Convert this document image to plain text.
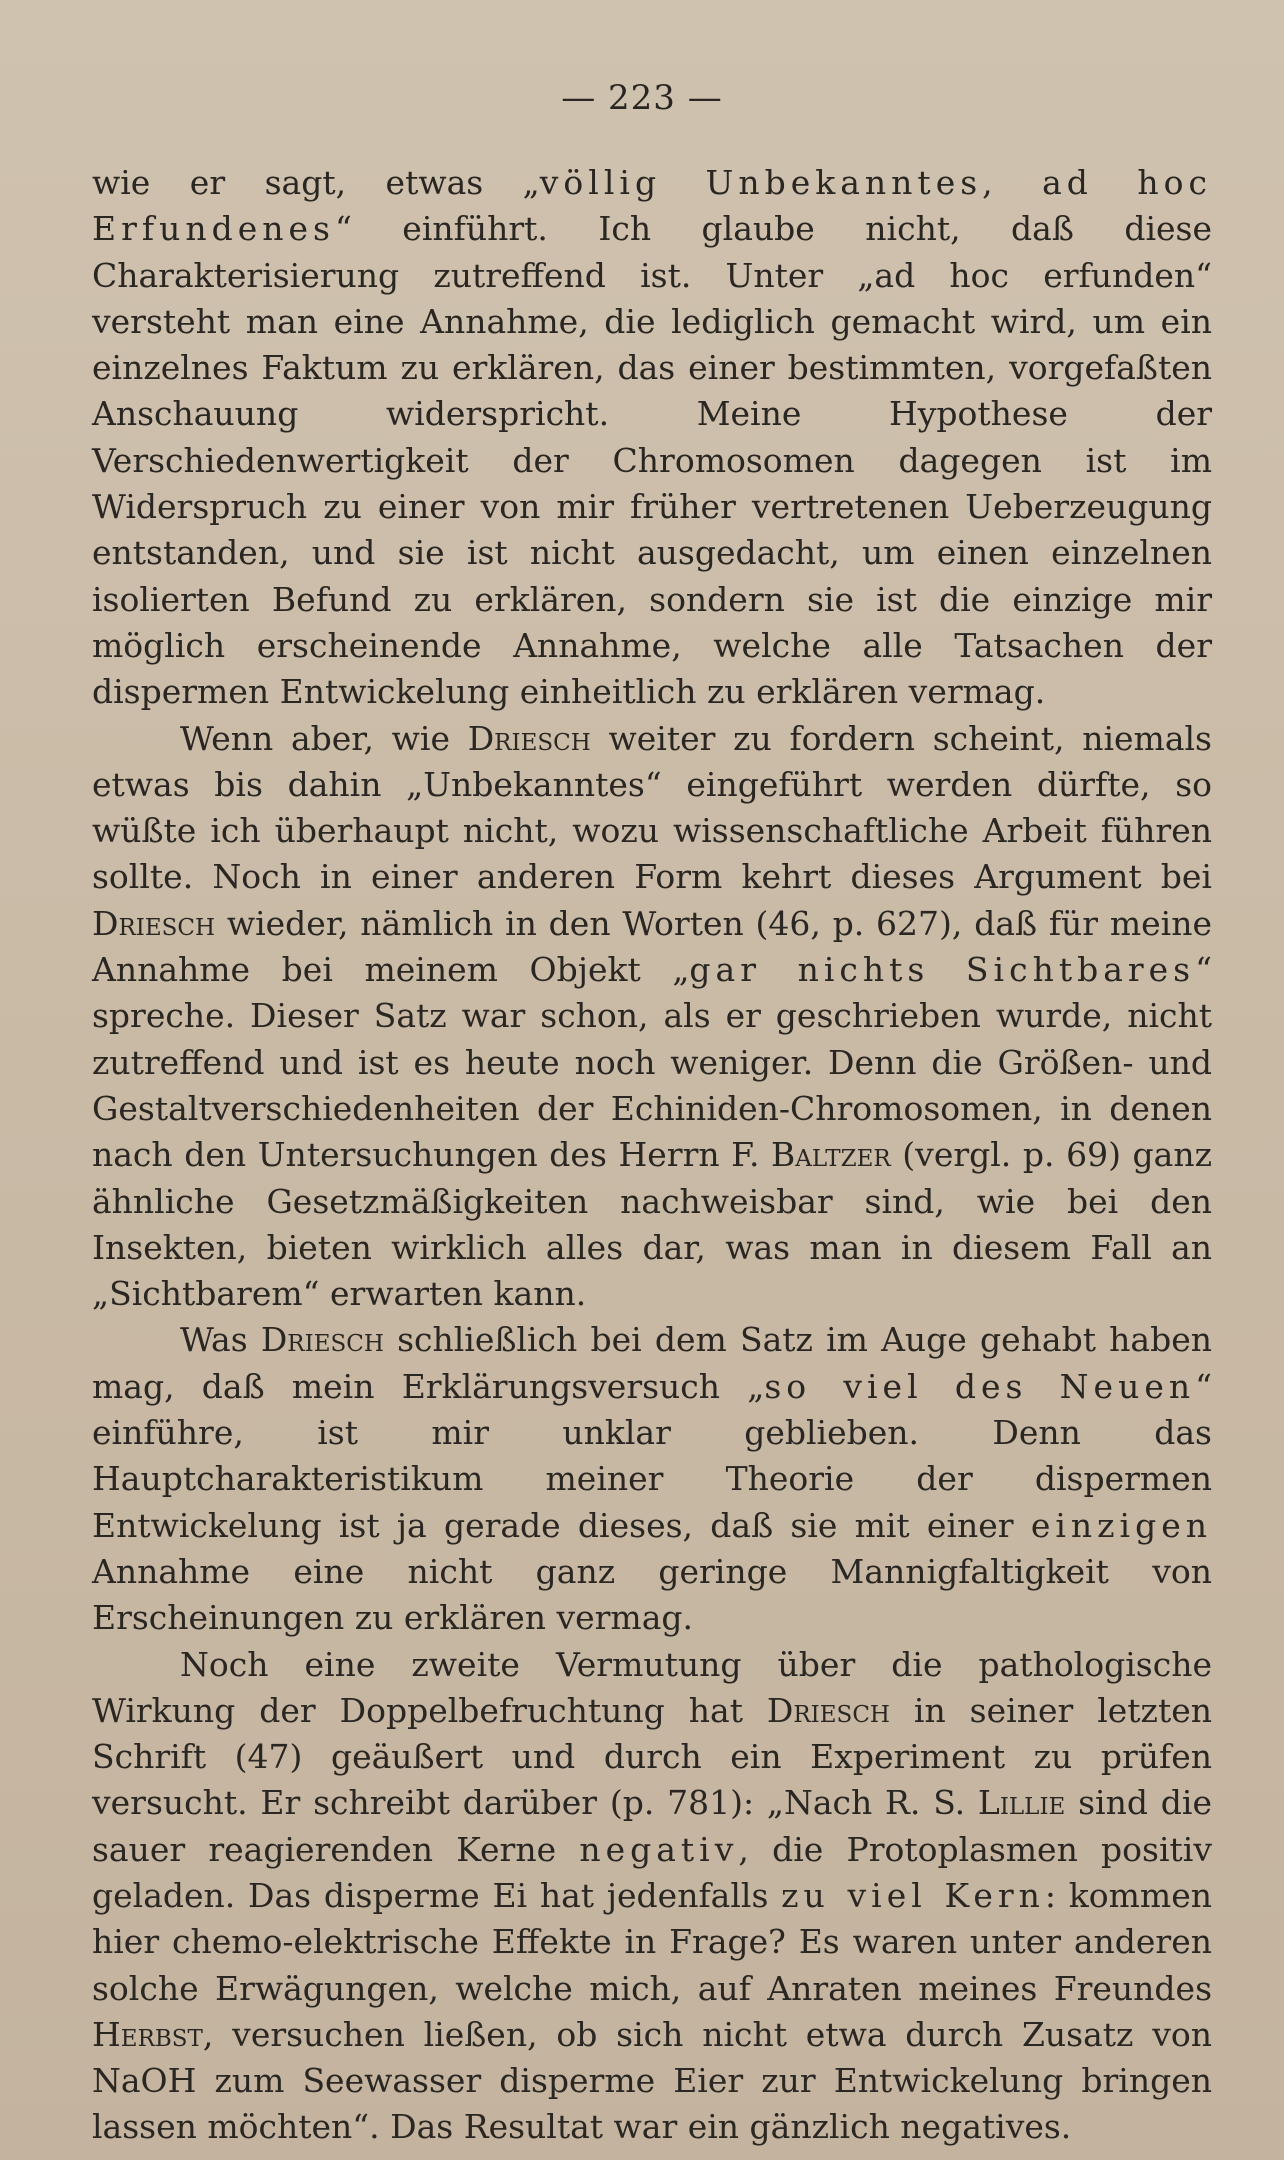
— 223 —

wie er sagt, etwas „völlig Unbekanntes, ad hoc Erfundenes“ einführt. Ich glaube nicht, daß diese Charakterisierung zutreffend ist. Unter „ad hoc erfunden“ versteht man eine Annahme, die lediglich gemacht wird, um ein einzelnes Faktum zu erklären, das einer bestimmten, vorgefaßten Anschauung widerspricht. Meine Hypothese der Verschiedenwertigkeit der Chromosomen dagegen ist im Widerspruch zu einer von mir früher vertretenen Ueberzeugung entstanden, und sie ist nicht ausgedacht, um einen einzelnen isolierten Befund zu erklären, sondern sie ist die einzige mir möglich erscheinende Annahme, welche alle Tatsachen der dispermen Entwickelung einheitlich zu erklären vermag.

Wenn aber, wie Driesch weiter zu fordern scheint, niemals etwas bis dahin „Unbekanntes“ eingeführt werden dürfte, so wüßte ich überhaupt nicht, wozu wissenschaftliche Arbeit führen sollte. Noch in einer anderen Form kehrt dieses Argument bei Driesch wieder, nämlich in den Worten (46, p. 627), daß für meine Annahme bei meinem Objekt „gar nichts Sichtbares“ spreche. Dieser Satz war schon, als er geschrieben wurde, nicht zutreffend und ist es heute noch weniger. Denn die Größen- und Gestaltverschiedenheiten der Echiniden-Chromosomen, in denen nach den Untersuchungen des Herrn F. Baltzer (vergl. p. 69) ganz ähnliche Gesetzmäßigkeiten nachweisbar sind, wie bei den Insekten, bieten wirklich alles dar, was man in diesem Fall an „Sichtbarem“ erwarten kann.

Was Driesch schließlich bei dem Satz im Auge gehabt haben mag, daß mein Erklärungsversuch „so viel des Neuen“ einführe, ist mir unklar geblieben. Denn das Hauptcharakteristikum meiner Theorie der dispermen Entwickelung ist ja gerade dieses, daß sie mit einer einzigen Annahme eine nicht ganz geringe Mannigfaltigkeit von Erscheinungen zu erklären vermag.

Noch eine zweite Vermutung über die pathologische Wirkung der Doppelbefruchtung hat Driesch in seiner letzten Schrift (47) geäußert und durch ein Experiment zu prüfen versucht. Er schreibt darüber (p. 781): „Nach R. S. Lillie sind die sauer reagierenden Kerne negativ, die Protoplasmen positiv geladen. Das disperme Ei hat jedenfalls zu viel Kern: kommen hier chemo-elektrische Effekte in Frage? Es waren unter anderen solche Erwägungen, welche mich, auf Anraten meines Freundes Herbst, versuchen ließen, ob sich nicht etwa durch Zusatz von NaOH zum Seewasser disperme Eier zur Entwickelung bringen lassen möchten“. Das Resultat war ein gänzlich negatives.
